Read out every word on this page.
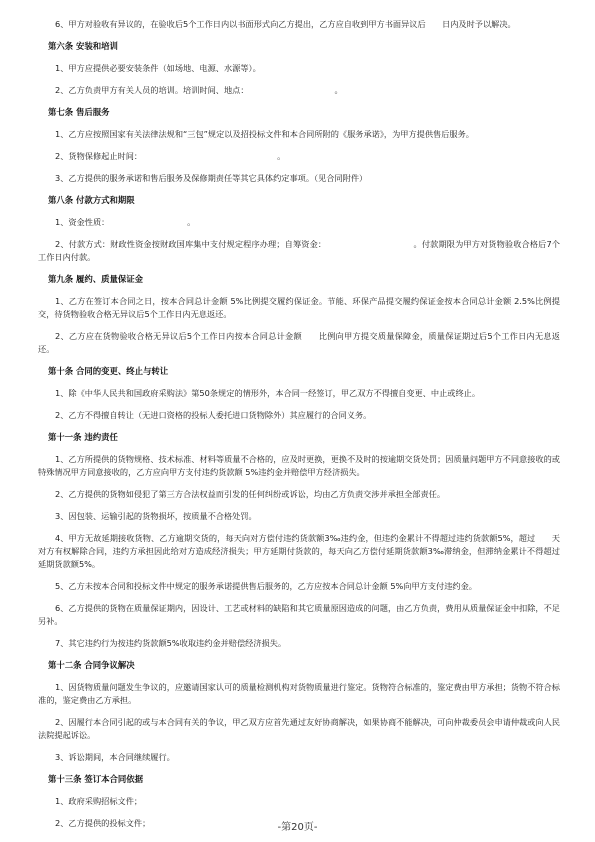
6、甲方对验收有异议的，在验收后5个工作日内以书面形式向乙方提出，乙方应自收到甲方书面异议后　　日内及时予以解决。

第六条 安装和培训

1、甲方应提供必要安装条件（如场地、电源、水源等）。

2、乙方负责甲方有关人员的培训。培训时间、地点：　　　　　　　　　　　。

第七条 售后服务

1、乙方应按照国家有关法律法规和“三包”规定以及招投标文件和本合同所附的《服务承诺》，为甲方提供售后服务。

2、货物保修起止时间：　　　　　　　　　　　　　　　　　。

3、乙方提供的服务承诺和售后服务及保修期责任等其它具体约定事项。（见合同附件）

第八条 付款方式和期限

1、资金性质：　　　　　　　　　　。

2、付款方式：财政性资金按财政国库集中支付规定程序办理；自筹资金：　　　　　　　　　　　。付款期限为甲方对货物验收合格后7个工作日内付款。

第九条 履约、质量保证金

1、乙方在签订本合同之日，按本合同总计金额 5%比例提交履约保证金。节能、环保产品提交履约保证金按本合同总计金额 2.5%比例提交，待货物验收合格无异议后5个工作日内无息返还。

2、乙方应在货物验收合格无异议后5个工作日内按本合同总计金额　　比例向甲方提交质量保障金，质量保证期过后5个工作日内无息返还。

第十条 合同的变更、终止与转让

1、除《中华人民共和国政府采购法》第50条规定的情形外，本合同一经签订，甲乙双方不得擅自变更、中止或终止。

2、乙方不得擅自转让（无进口资格的投标人委托进口货物除外）其应履行的合同义务。

第十一条 违约责任

1、乙方所提供的货物规格、技术标准、材料等质量不合格的，应及时更换，更换不及时的按逾期交货处罚；因质量问题甲方不同意接收的或特殊情况甲方同意接收的，乙方应向甲方支付违约货款额 5%违约金并赔偿甲方经济损失。

2、乙方提供的货物如侵犯了第三方合法权益而引发的任何纠纷或诉讼，均由乙方负责交涉并承担全部责任。

3、因包装、运输引起的货物损坏，按质量不合格处罚。

4、甲方无故延期接收货物、乙方逾期交货的，每天向对方偿付违约货款额3‰违约金，但违约金累计不得超过违约货款额5%，超过　　天对方有权解除合同，违约方承担因此给对方造成经济损失；甲方延期付货款的，每天向乙方偿付延期货款额3‰滞纳金，但滞纳金累计不得超过延期货款额5%。

5、乙方未按本合同和投标文件中规定的服务承诺提供售后服务的，乙方应按本合同总计金额 5%向甲方支付违约金。

6、乙方提供的货物在质量保证期内，因设计、工艺或材料的缺陷和其它质量原因造成的问题，由乙方负责，费用从质量保证金中扣除，不足另补。

7、其它违约行为按违约货款额5%收取违约金并赔偿经济损失。

第十二条 合同争议解决

1、因货物质量问题发生争议的，应邀请国家认可的质量检测机构对货物质量进行鉴定。货物符合标准的，鉴定费由甲方承担；货物不符合标准的，鉴定费由乙方承担。

2、因履行本合同引起的或与本合同有关的争议，甲乙双方应首先通过友好协商解决，如果协商不能解决，可向仲裁委员会申请仲裁或向人民法院提起诉讼。

3、诉讼期间，本合同继续履行。

第十三条 签订本合同依据

1、政府采购招标文件；

2、乙方提供的投标文件；	-第20页-
